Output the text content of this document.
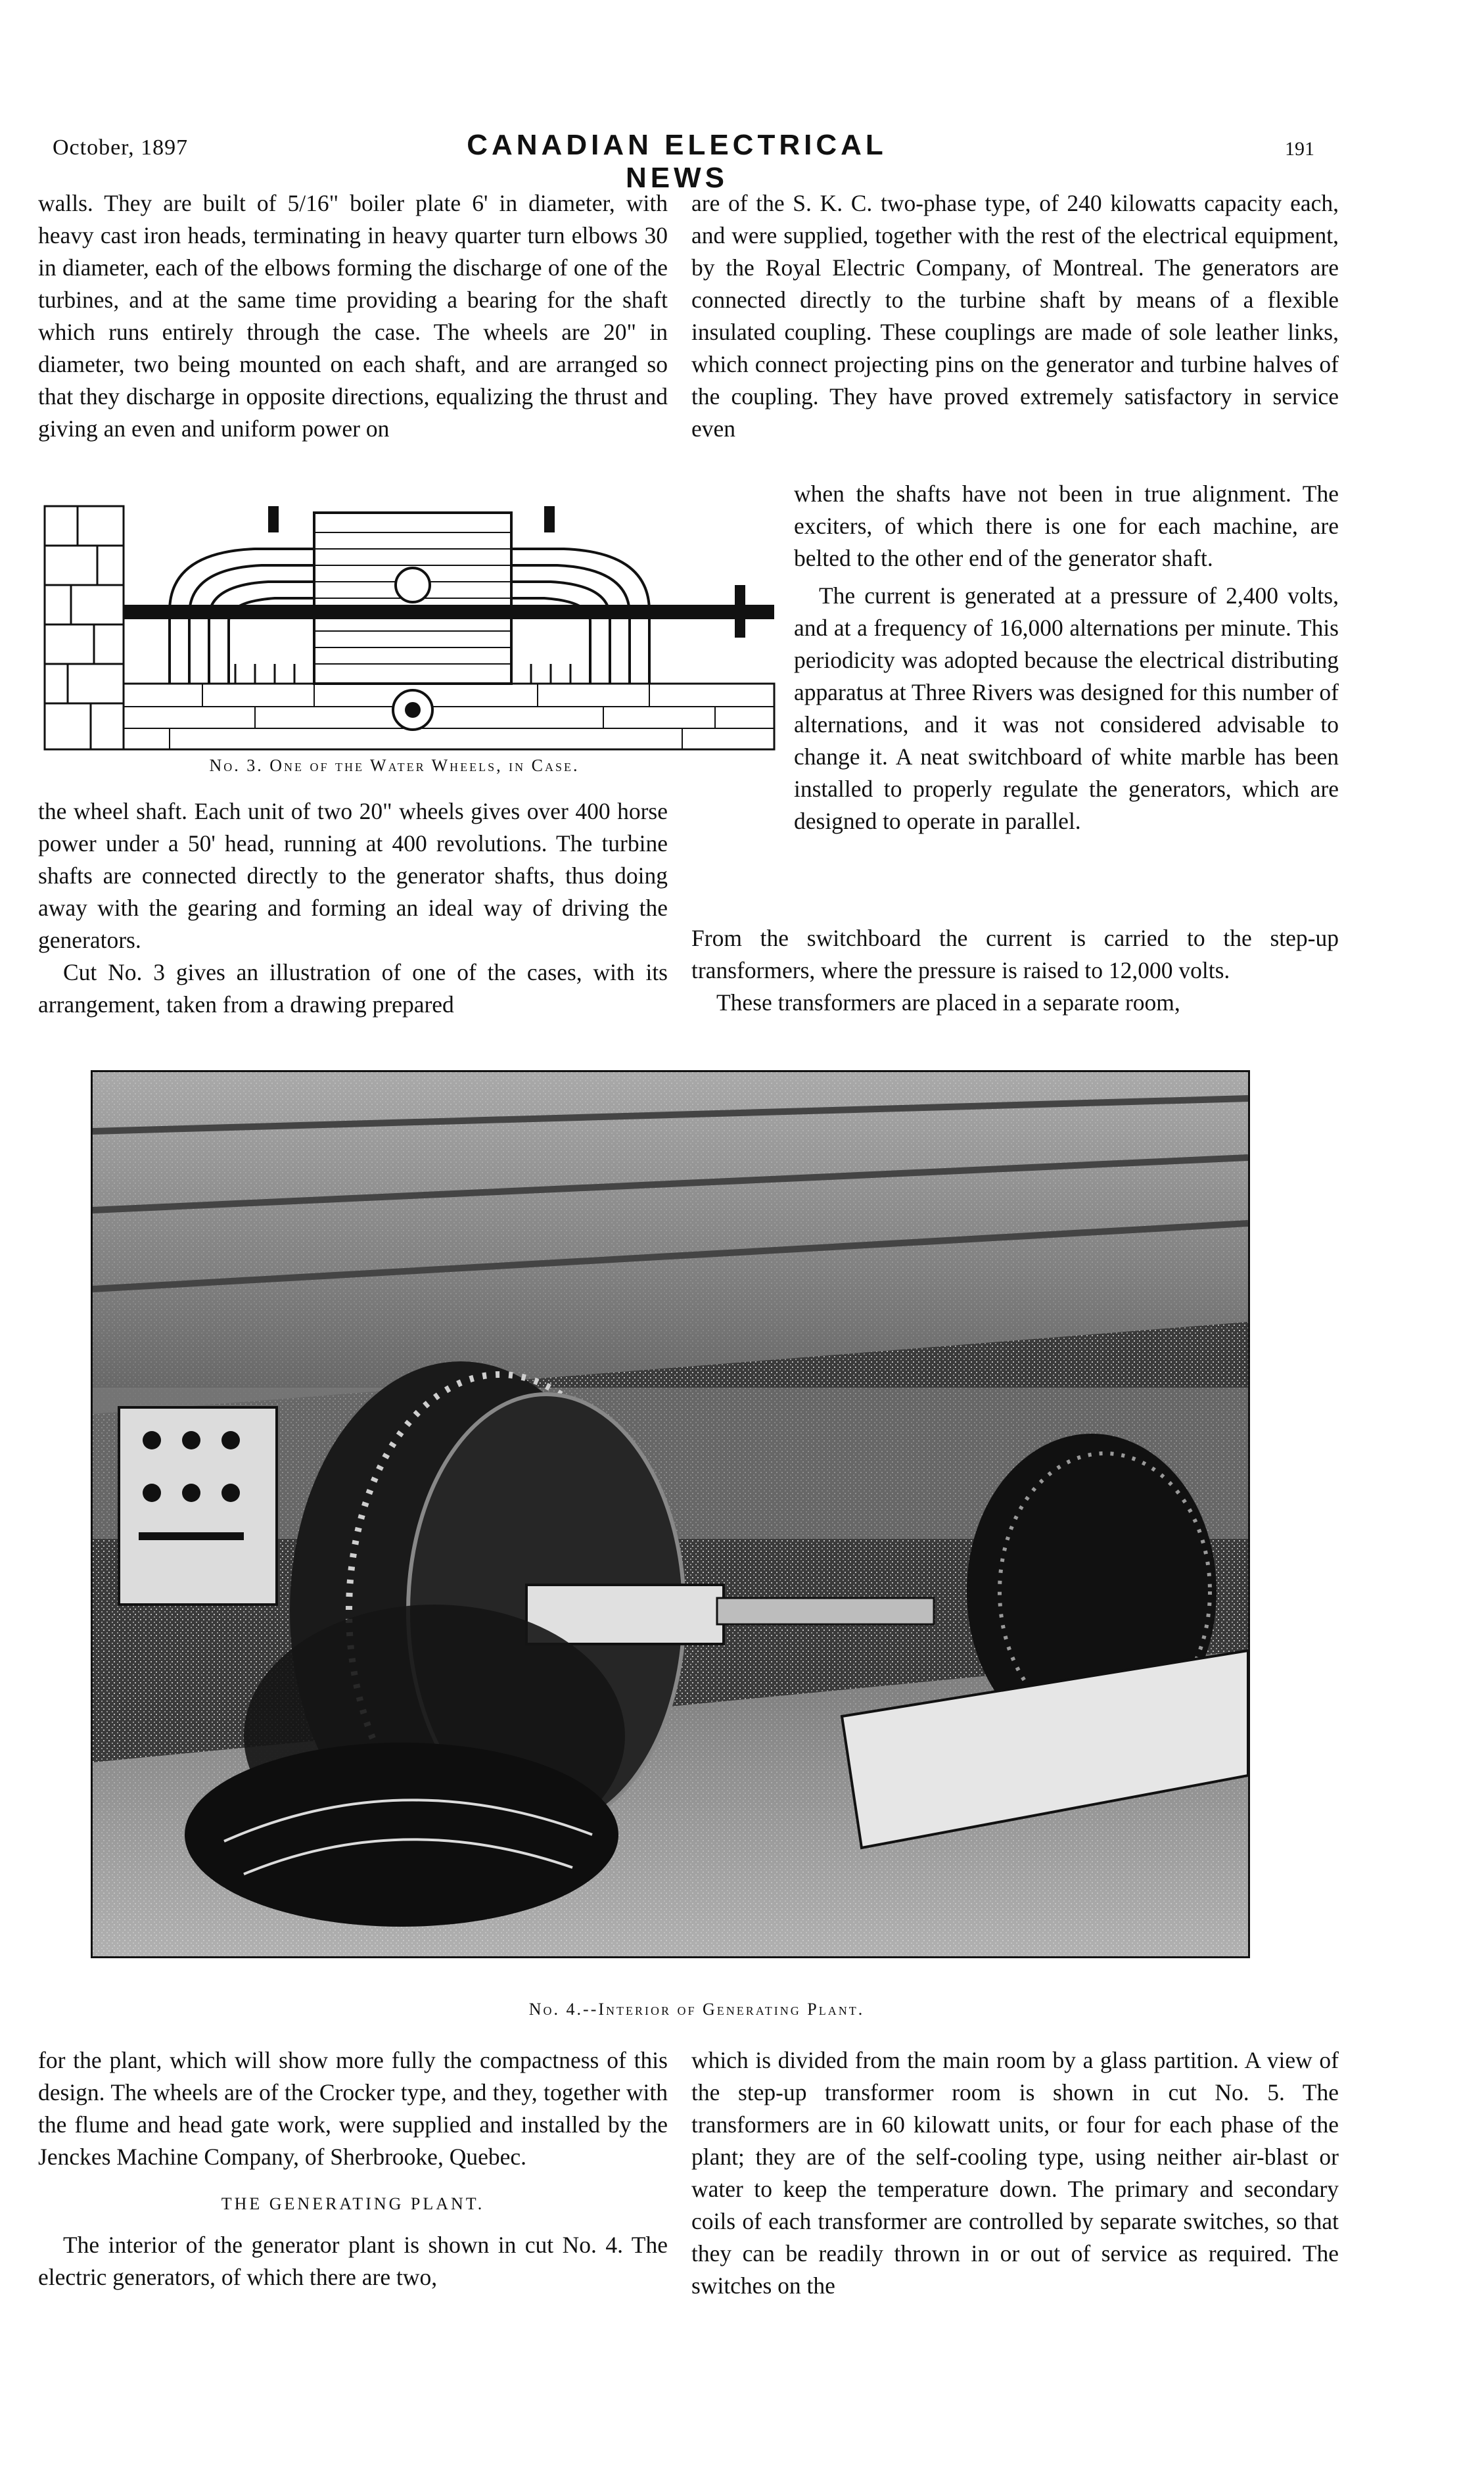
October, 1897	CANADIAN ELECTRICAL NEWS
191

walls. They are built of 5/16" boiler plate 6' in diameter, with heavy cast iron heads, terminating in heavy quarter turn elbows 30 in diameter, each of the elbows forming the discharge of one of the turbines, and at the same time providing a bearing for the shaft which runs entirely through the case. The wheels are 20" in diameter, two being mounted on each shaft, and are arranged so that they discharge in opposite directions, equalizing the thrust and giving an even and uniform power on

No. 3. One of the Water Wheels, in Case.

the wheel shaft. Each unit of two 20" wheels gives over 400 horse power under a 50' head, running at 400 revolutions. The turbine shafts are connected directly to the generator shafts, thus doing away with the gearing and forming an ideal way of driving the generators.

Cut No. 3 gives an illustration of one of the cases, with its arrangement, taken from a drawing prepared

are of the S. K. C. two-phase type, of 240 kilowatts capacity each, and were supplied, together with the rest of the electrical equipment, by the Royal Electric Company, of Montreal. The generators are connected directly to the turbine shaft by means of a flexible insulated coupling. These couplings are made of sole leather links, which connect projecting pins on the generator and turbine halves of the coupling. They have proved extremely satisfactory in service even

when the shafts have not been in true alignment. The exciters, of which there is one for each machine, are belted to the other end of the generator shaft.

The current is generated at a pressure of 2,400 volts, and at a frequency of 16,000 alternations per minute. This periodicity was adopted because the electrical distributing apparatus at Three Rivers was designed for this number of alternations, and it was not considered advisable to change it. A neat switchboard of white marble has been installed to properly regulate the generators, which are designed to operate in parallel.

From the switchboard the current is carried to the step-up transformers, where the pressure is raised to 12,000 volts.

These transformers are placed in a separate room,

No. 4.--Interior of Generating Plant.

for the plant, which will show more fully the compactness of this design. The wheels are of the Crocker type, and they, together with the flume and head gate work, were supplied and installed by the Jenckes Machine Company, of Sherbrooke, Quebec.

THE GENERATING PLANT.

The interior of the generator plant is shown in cut No. 4. The electric generators, of which there are two,

which is divided from the main room by a glass partition. A view of the step-up transformer room is shown in cut No. 5. The transformers are in 60 kilowatt units, or four for each phase of the plant; they are of the self-cooling type, using neither air-blast or water to keep the temperature down. The primary and secondary coils of each transformer are controlled by separate switches, so that they can be readily thrown in or out of service as required. The switches on the
